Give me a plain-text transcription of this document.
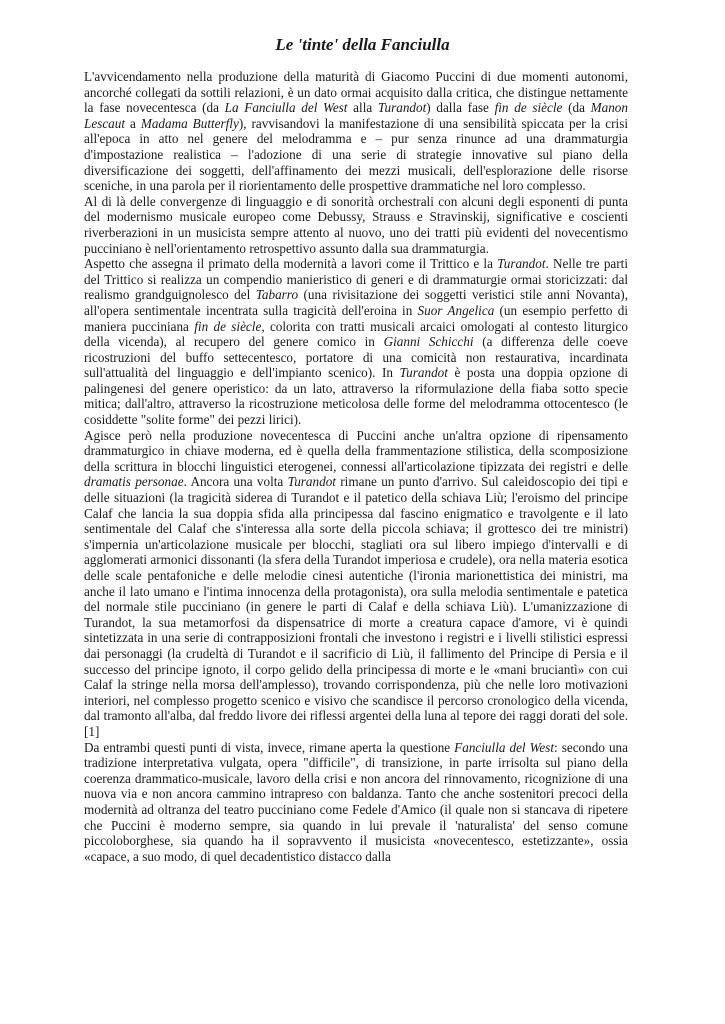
Le 'tinte' della Fanciulla

L'avvicendamento nella produzione della maturità di Giacomo Puccini di due momenti autonomi, ancorché collegati da sottili relazioni, è un dato ormai acquisito dalla critica, che distingue nettamente la fase novecentesca (da La Fanciulla del West alla Turandot) dalla fase fin de siècle (da Manon Lescaut a Madama Butterfly), ravvisandovi la manifestazione di una sensibilità spiccata per la crisi all'epoca in atto nel genere del melodramma e – pur senza rinunce ad una drammaturgia d'impostazione realistica – l'adozione di una serie di strategie innovative sul piano della diversificazione dei soggetti, dell'affinamento dei mezzi musicali, dell'esplorazione delle risorse sceniche, in una parola per il riorientamento delle prospettive drammatiche nel loro complesso.

Al di là delle convergenze di linguaggio e di sonorità orchestrali con alcuni degli esponenti di punta del modernismo musicale europeo come Debussy, Strauss e Stravinskij, significative e coscienti riverberazioni in un musicista sempre attento al nuovo, uno dei tratti più evidenti del novecentismo pucciniano è nell'orientamento retrospettivo assunto dalla sua drammaturgia.

Aspetto che assegna il primato della modernità a lavori come il Trittico e la Turandot. Nelle tre parti del Trittico si realizza un compendio manieristico di generi e di drammaturgie ormai storicizzati: dal realismo grandguignolesco del Tabarro (una rivisitazione dei soggetti veristici stile anni Novanta), all'opera sentimentale incentrata sulla tragicità dell'eroina in Suor Angelica (un esempio perfetto di maniera pucciniana fin de siècle, colorita con tratti musicali arcaici omologati al contesto liturgico della vicenda), al recupero del genere comico in Gianni Schicchi (a differenza delle coeve ricostruzioni del buffo settecentesco, portatore di una comicità non restaurativa, incardinata sull'attualità del linguaggio e dell'impianto scenico). In Turandot è posta una doppia opzione di palingenesi del genere operistico: da un lato, attraverso la riformulazione della fiaba sotto specie mitica; dall'altro, attraverso la ricostruzione meticolosa delle forme del melodramma ottocentesco (le cosiddette "solite forme" dei pezzi lirici).

Agisce però nella produzione novecentesca di Puccini anche un'altra opzione di ripensamento drammaturgico in chiave moderna, ed è quella della frammentazione stilistica, della scomposizione della scrittura in blocchi linguistici eterogenei, connessi all'articolazione tipizzata dei registri e delle dramatis personae. Ancora una volta Turandot rimane un punto d'arrivo. Sul caleidoscopio dei tipi e delle situazioni (la tragicità siderea di Turandot e il patetico della schiava Liù; l'eroismo del principe Calaf che lancia la sua doppia sfida alla principessa dal fascino enigmatico e travolgente e il lato sentimentale del Calaf che s'interessa alla sorte della piccola schiava; il grottesco dei tre ministri) s'impernia un'articolazione musicale per blocchi, stagliati ora sul libero impiego d'intervalli e di agglomerati armonici dissonanti (la sfera della Turandot imperiosa e crudele), ora nella materia esotica delle scale pentafoniche e delle melodie cinesi autentiche (l'ironia marionettistica dei ministri, ma anche il lato umano e l'intima innocenza della protagonista), ora sulla melodia sentimentale e patetica del normale stile pucciniano (in genere le parti di Calaf e della schiava Liù). L'umanizzazione di Turandot, la sua metamorfosi da dispensatrice di morte a creatura capace d'amore, vi è quindi sintetizzata in una serie di contrapposizioni frontali che investono i registri e i livelli stilistici espressi dai personaggi (la crudeltà di Turandot e il sacrificio di Liù, il fallimento del Principe di Persia e il successo del principe ignoto, il corpo gelido della principessa di morte e le «mani bruciantì» con cui Calaf la stringe nella morsa dell'amplesso), trovando corrispondenza, più che nelle loro motivazioni interiori, nel complesso progetto scenico e visivo che scandisce il percorso cronologico della vicenda, dal tramonto all'alba, dal freddo livore dei riflessi argentei della luna al tepore dei raggi dorati del sole.[1]

Da entrambi questi punti di vista, invece, rimane aperta la questione Fanciulla del West: secondo una tradizione interpretativa vulgata, opera "difficile", di transizione, in parte irrisolta sul piano della coerenza drammatico-musicale, lavoro della crisi e non ancora del rinnovamento, ricognizione di una nuova via e non ancora cammino intrapreso con baldanza. Tanto che anche sostenitori precoci della modernità ad oltranza del teatro pucciniano come Fedele d'Amico (il quale non si stancava di ripetere che Puccini è moderno sempre, sia quando in lui prevale il 'naturalista' del senso comune piccoloborghese, sia quando ha il sopravvento il musicista «novecentesco, estetizzante», ossia «capace, a suo modo, di quel decadentistico distacco dalla
